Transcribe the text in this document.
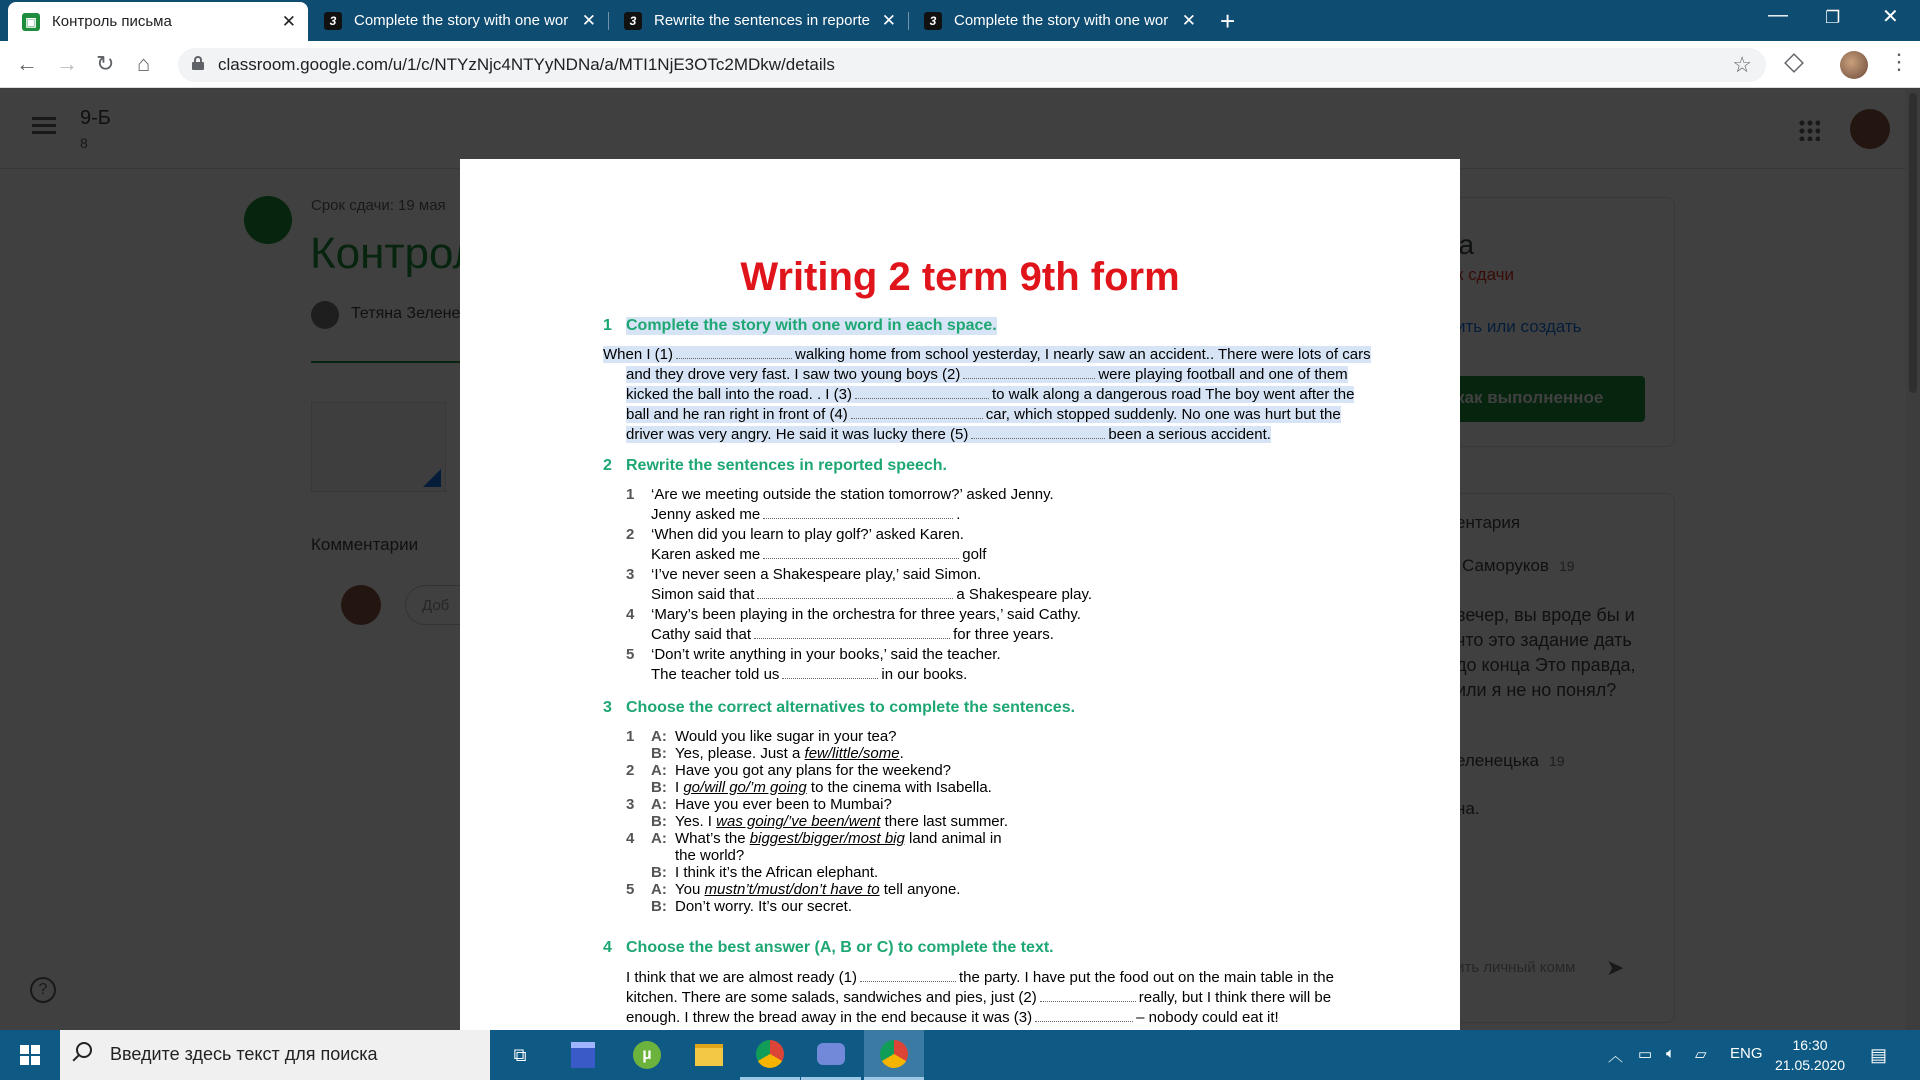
▣ Контроль письма	✕	3	Complete the story with one wor ✕	3	Rewrite the sentences in reporte ✕	3	Complete the story with one wor ✕ +	— ❐ ✕
← → ↻ ⌂	classroom.google.com/u/1/c/NTYzNjc4NTYyNDNa/a/MTI1NjE3OTc2MDkw/details	☆	⋮
Writing 2 term 9th form
1 Complete the story with one word in each space.
When I (1)	walking home from school yesterday, I nearly saw an accident.. There were lots of cars
and they drove very fast. I saw two young boys (2)	were playing football and one of them
kicked the ball into the road. . I (3)	to walk along a dangerous road The boy went after the
ball and he ran right in front of (4)	car, which stopped suddenly. No one was hurt but the
driver was very angry. He said it was lucky there (5)	been a serious accident.
2 Rewrite the sentences in reported speech.
1 ‘Are we meeting outside the station tomorrow?’ asked Jenny.
Jenny asked me	.
2 ‘When did you learn to play golf?’ asked Karen.
Karen asked me	golf
3 ‘I’ve never seen a Shakespeare play,’ said Simon.
Simon said that	a Shakespeare play.
4 ‘Mary’s been playing in the orchestra for three years,’ said Cathy.
Cathy said that	for three years.
5 ‘Don’t write anything in your books,’ said the teacher.
The teacher told us	in our books.
3 Choose the correct alternatives to complete the sentences.
1 A: Would you like sugar in your tea?
B: Yes, please. Just a few/little/some.
2 A: Have you got any plans for the weekend?
B: I go/will go/’m going to the cinema with Isabella.
3 A: Have you ever been to Mumbai?
B: Yes. I was going/’ve been/went there last summer.
4 A: What’s the biggest/bigger/most big land animal in
the world?
B: I think it’s the African elephant.
5 A: You mustn’t/must/don’t have to tell anyone.
B: Don’t worry. It’s our secret.
4 Choose the best answer (A, B or C) to complete the text.
I think that we are almost ready (1)	the party. I have put the food out on the main table in the
kitchen. There are some salads, sandwiches and pies, just (2)	really, but I think there will be
enough. I threw the bread away in the end because it was (3)	– nobody could eat it!
Введите здесь текст для поиска	⧉	µ	︿ ▭ 🔈︎ ▱ ENG	16:30
21.05.2020 ▤
